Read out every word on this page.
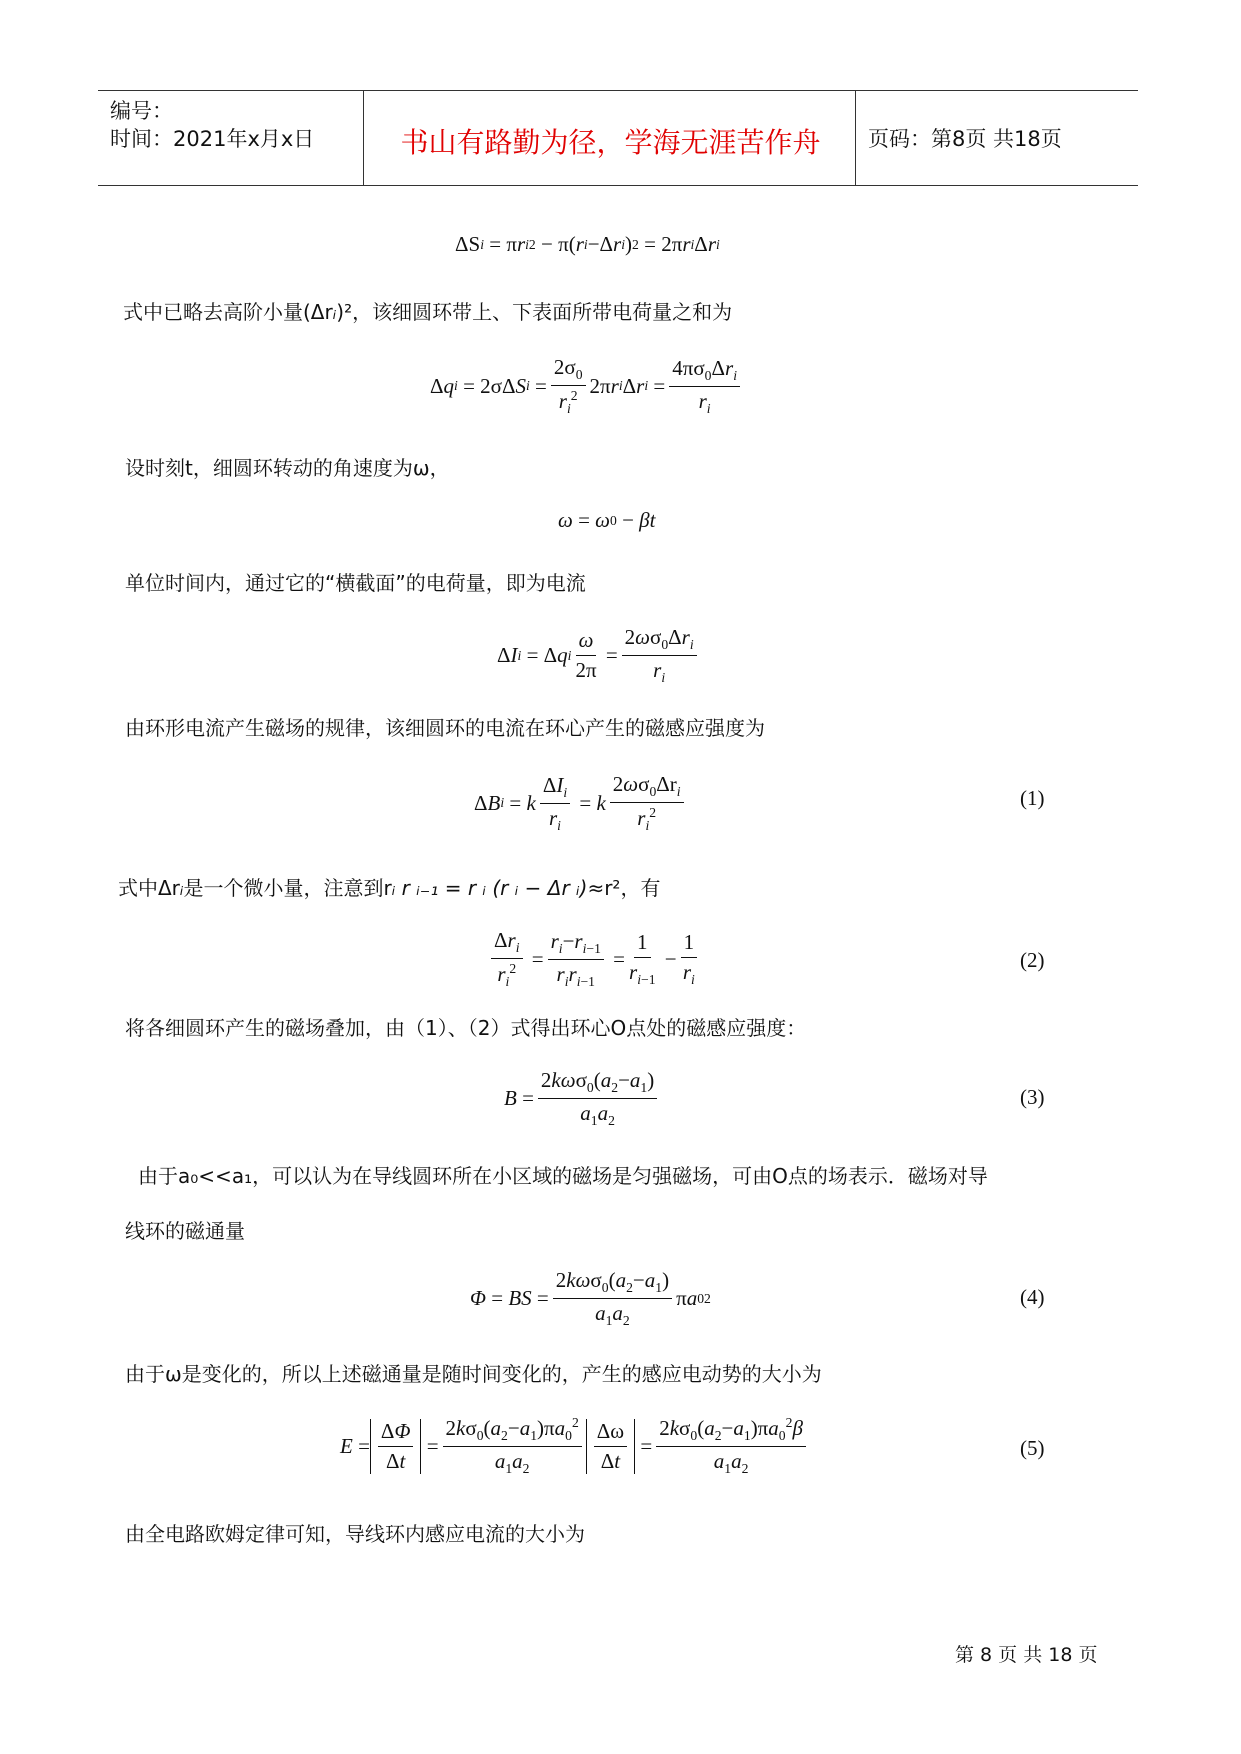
编号：
时间：2021年x月x日	书山有路勤为径，学海无涯苦作舟	页码：第8页 共18页
ΔS i = π r i 2 − π( r i −Δ r i ) 2 = 2π r i Δ r i
式中已略去高阶小量(Δrᵢ)²，该细圆环带上、下表面所带电荷量之和为
Δ q i = 2σΔ S $i = \frac{2\sigma_0}{r_i^2} 2\pi$ r i Δ r $i = \frac{4\pi\sigma_0\Delta r_i}{r_i}$
设时刻t，细圆环转动的角速度为ω，
ω = ω 0 − βt
单位时间内，通过它的“横截面”的电荷量，即为电流
Δ I i = Δ q i $\frac{\omega}{2\pi} = \frac{2\omega\sigma_0\Delta r_i}{r_i}$
由环形电流产生磁场的规律，该细圆环的电流在环心产生的磁感应强度为
Δ B i = k $\frac{\Delta I_i}{r_i} = k \frac{2\omega\sigma_0\Delta r_i}{r_i^2}$	(1)
式中Δrᵢ是一个微小量，注意到rᵢ r ᵢ₋₁ = r ᵢ (r ᵢ − Δr ᵢ)≈r²，有
$\frac{\Delta r_i}{r_i^2} = \frac{r_i-r_{i-1}}{r_ir_{i-1}} = \frac{1}{r_{i-1}} - \frac{1}{r_i}$	(2)
将各细圆环产生的磁场叠加，由（1）、（2）式得出环心O点处的磁感应强度：
$B = \frac{2k\omega\sigma_0(a_2-a_1)}{a_1a_2}$	(3)
由于a₀<<a₁，可以认为在导线圆环所在小区域的磁场是匀强磁场，可由O点的场表示．磁场对导
线环的磁通量
Φ = BS = $\frac{2k\omega\sigma_0(a_2-a_1)}{a_1a_2}$ π a 0 2	(4)
由于ω是变化的，所以上述磁通量是随时间变化的，产生的感应电动势的大小为
$E = \frac{\Delta\Phi}{\Delta t} = \frac{2k\sigma_0(a_2-a_1)\pi a_0^2}{a_1a_2} \frac{\Delta\omega}{\Delta t} = \frac{2k\sigma_0(a_2-a_1)\pi a_0^2\beta}{a_1a_2}$	(5)
由全电路欧姆定律可知，导线环内感应电流的大小为
第 8 页 共 18 页
